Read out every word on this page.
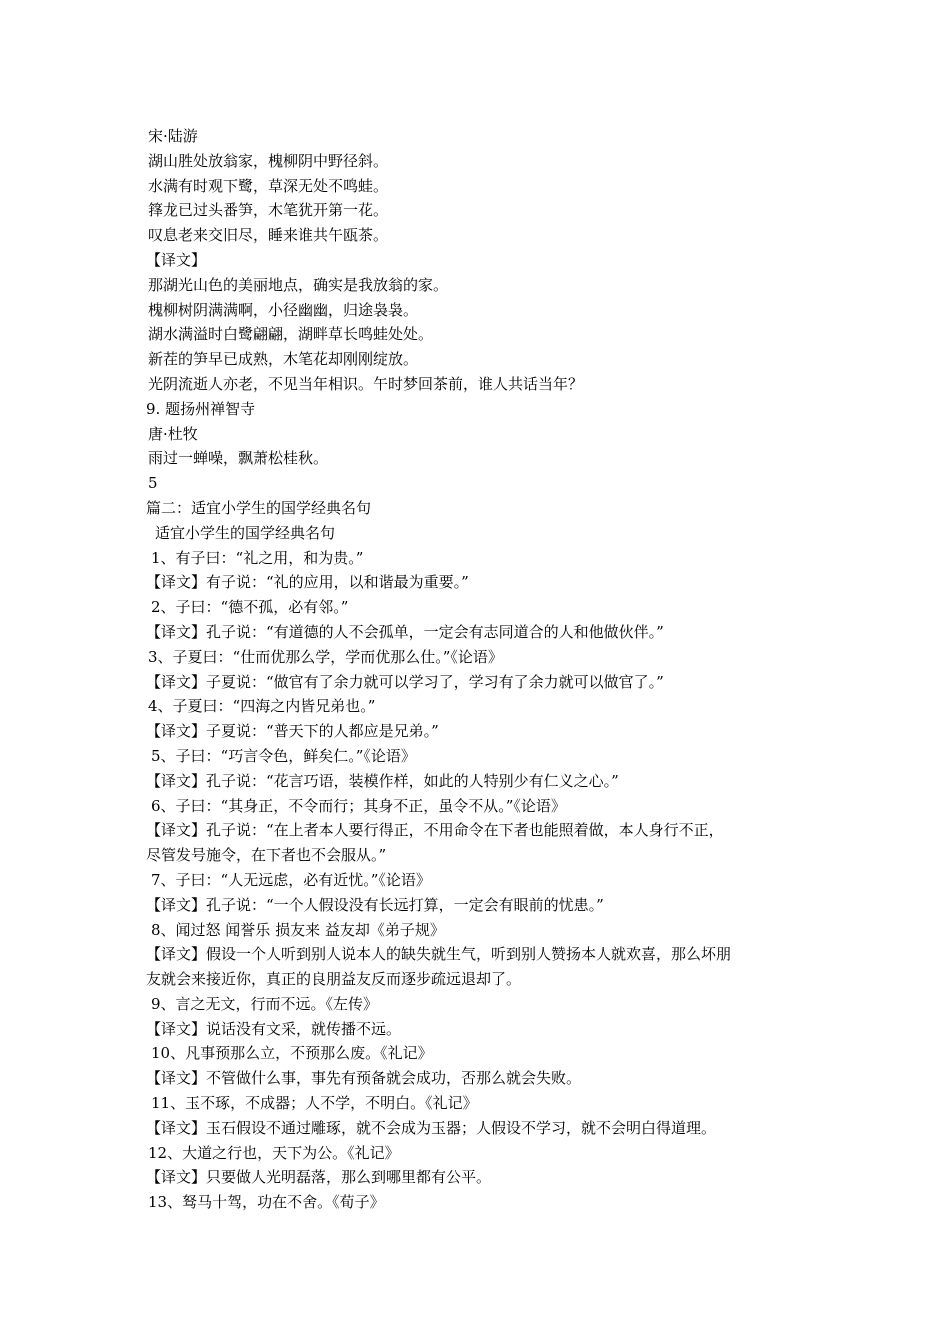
宋·陆游
湖山胜处放翁家，槐柳阴中野径斜。
水满有时观下鹭，草深无处不鸣蛙。
箨龙已过头番笋，木笔犹开第一花。
叹息老来交旧尽，睡来谁共午瓯茶。
【译文】
那湖光山色的美丽地点，确实是我放翁的家。
槐柳树阴满满啊，小径幽幽，归途袅袅。
湖水满溢时白鹭翩翩，湖畔草长鸣蛙处处。
新茬的笋早已成熟，木笔花却刚刚绽放。
光阴流逝人亦老，不见当年相识。午时梦回茶前，谁人共话当年？
9. 题扬州禅智寺
唐·杜牧
雨过一蝉噪，飘萧松桂秋。
5
篇二：适宜小学生的国学经典名句
适宜小学生的国学经典名句
1、有子曰：“礼之用，和为贵。”
【译文】有子说：“礼的应用，以和谐最为重要。”
2、子曰：“德不孤，必有邻。”
【译文】孔子说：“有道德的人不会孤单，一定会有志同道合的人和他做伙伴。”
3、子夏曰：“仕而优那么学，学而优那么仕。”《论语》
【译文】子夏说：“做官有了余力就可以学习了，学习有了余力就可以做官了。”
4、子夏曰：“四海之内皆兄弟也。”
【译文】子夏说：“普天下的人都应是兄弟。”
5、子曰：“巧言令色，鲜矣仁。”《论语》
【译文】孔子说：“花言巧语，装模作样，如此的人特别少有仁义之心。”
6、子曰：“其身正，不令而行；其身不正，虽令不从。”《论语》
【译文】孔子说：“在上者本人要行得正，不用命令在下者也能照着做，本人身行不正，
尽管发号施令，在下者也不会服从。”
7、子曰：“人无远虑，必有近忧。”《论语》
【译文】孔子说：“一个人假设没有长远打算，一定会有眼前的忧患。”
8、闻过怒 闻誉乐 损友来 益友却《弟子规》
【译文】假设一个人听到别人说本人的缺失就生气，听到别人赞扬本人就欢喜，那么坏朋
友就会来接近你，真正的良朋益友反而逐步疏远退却了。
9、言之无文，行而不远。《左传》
【译文】说话没有文采，就传播不远。
10、凡事预那么立，不预那么废。《礼记》
【译文】不管做什么事，事先有预备就会成功，否那么就会失败。
11、玉不琢，不成器；人不学，不明白。《礼记》
【译文】玉石假设不通过雕琢，就不会成为玉器；人假设不学习，就不会明白得道理。
12、大道之行也，天下为公。《礼记》
【译文】只要做人光明磊落，那么到哪里都有公平。
13、驽马十驾，功在不舍。《荀子》
